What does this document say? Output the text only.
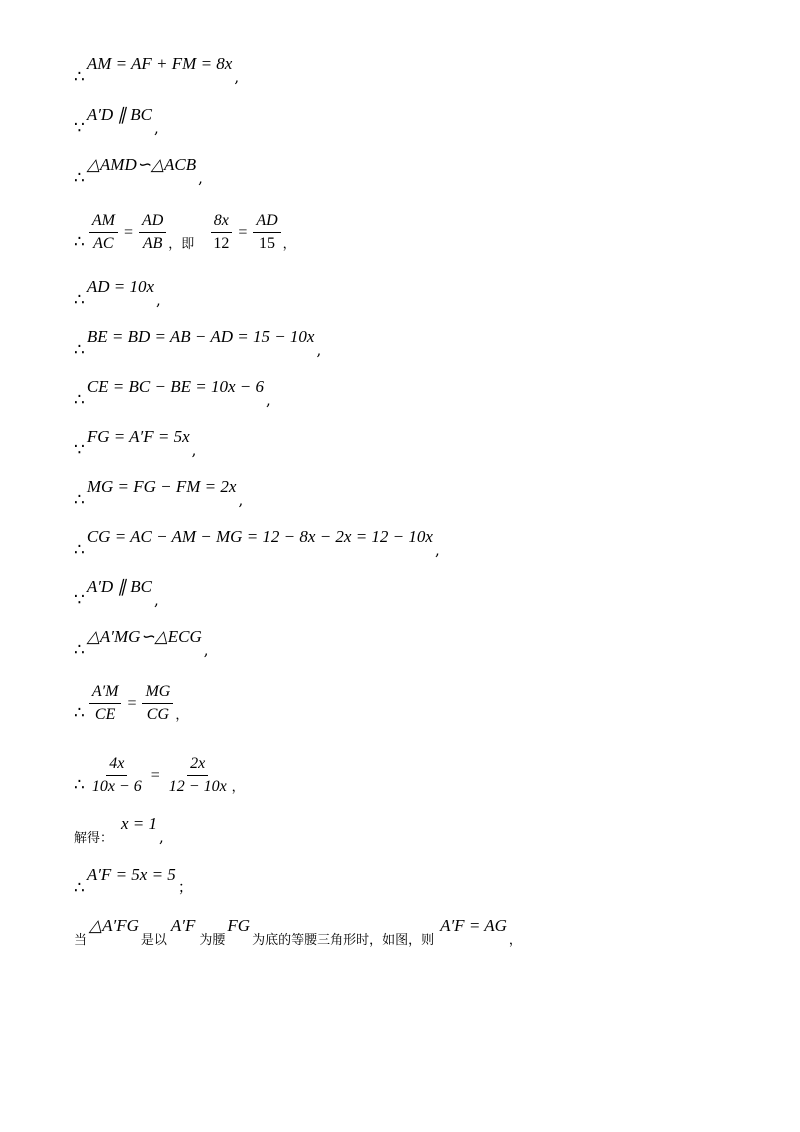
∴
AM = AF + FM = 8x
,
∵
A′D ∥ BC
,
∴
△AMD∽△ACB
,
∴ $\frac{AM}{AC} = \frac{AD}{AB}$ ，即 $\frac{8x}{12} = \frac{AD}{15}$ ，
∴
AD = 10x
,
∴
BE = BD = AB − AD = 15 − 10x
,
∴
CE = BC − BE = 10x − 6
,
∵
FG = A′F = 5x
,
∴
MG = FG − FM = 2x
,
∴
CG = AC − AM − MG = 12 − 8x − 2x = 12 − 10x
,
∵
A′D ∥ BC
,
∴
△A′MG∽△ECG
,
∴ $\frac{A'M}{CE} = \frac{MG}{CG}$ ，
∴ $\frac{4x}{10x - 6} = \frac{2x}{12 - 10x}$ ，
解得：
x = 1
,
∴
A′F = 5x = 5
；
当
△A′FG
是以
A′F
为腰
FG
为底的等腰三角形时，如图，则
A′F = AG
，
